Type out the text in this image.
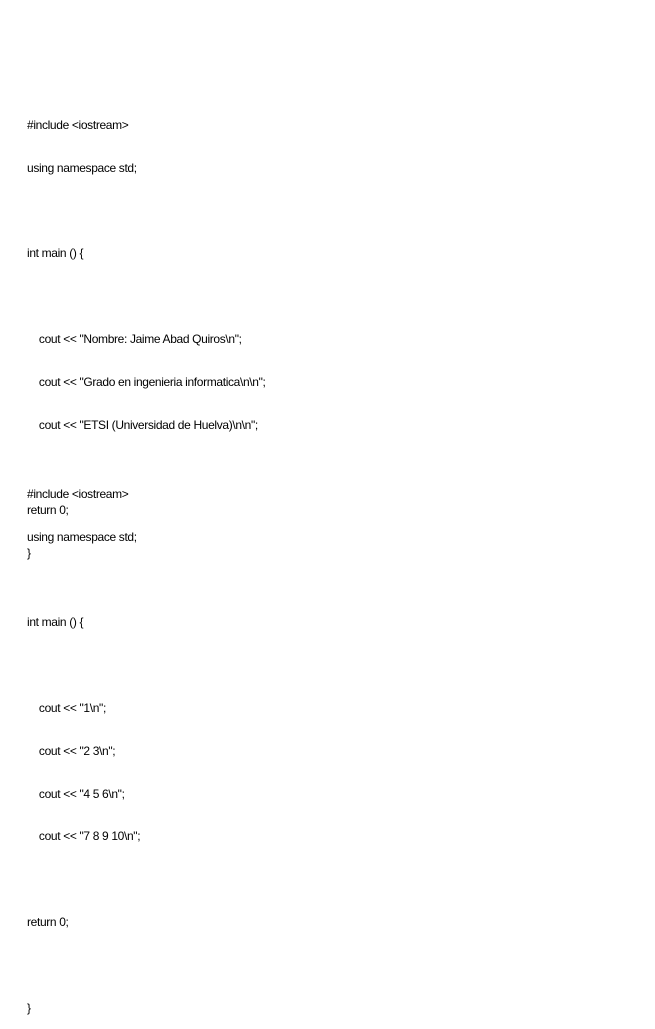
#include <iostream>

using namespace std;

int main () {

cout << "Nombre: Jaime Abad Quiros\n";

cout << "Grado en ingenieria informatica\n\n";

cout << "ETSI (Universidad de Huelva)\n\n";

return 0;

}

#include <iostream>

using namespace std;

int main () {

cout << "1\n";

cout << "2 3\n";

cout << "4 5 6\n";

cout << "7 8 9 10\n";

return 0;

}
